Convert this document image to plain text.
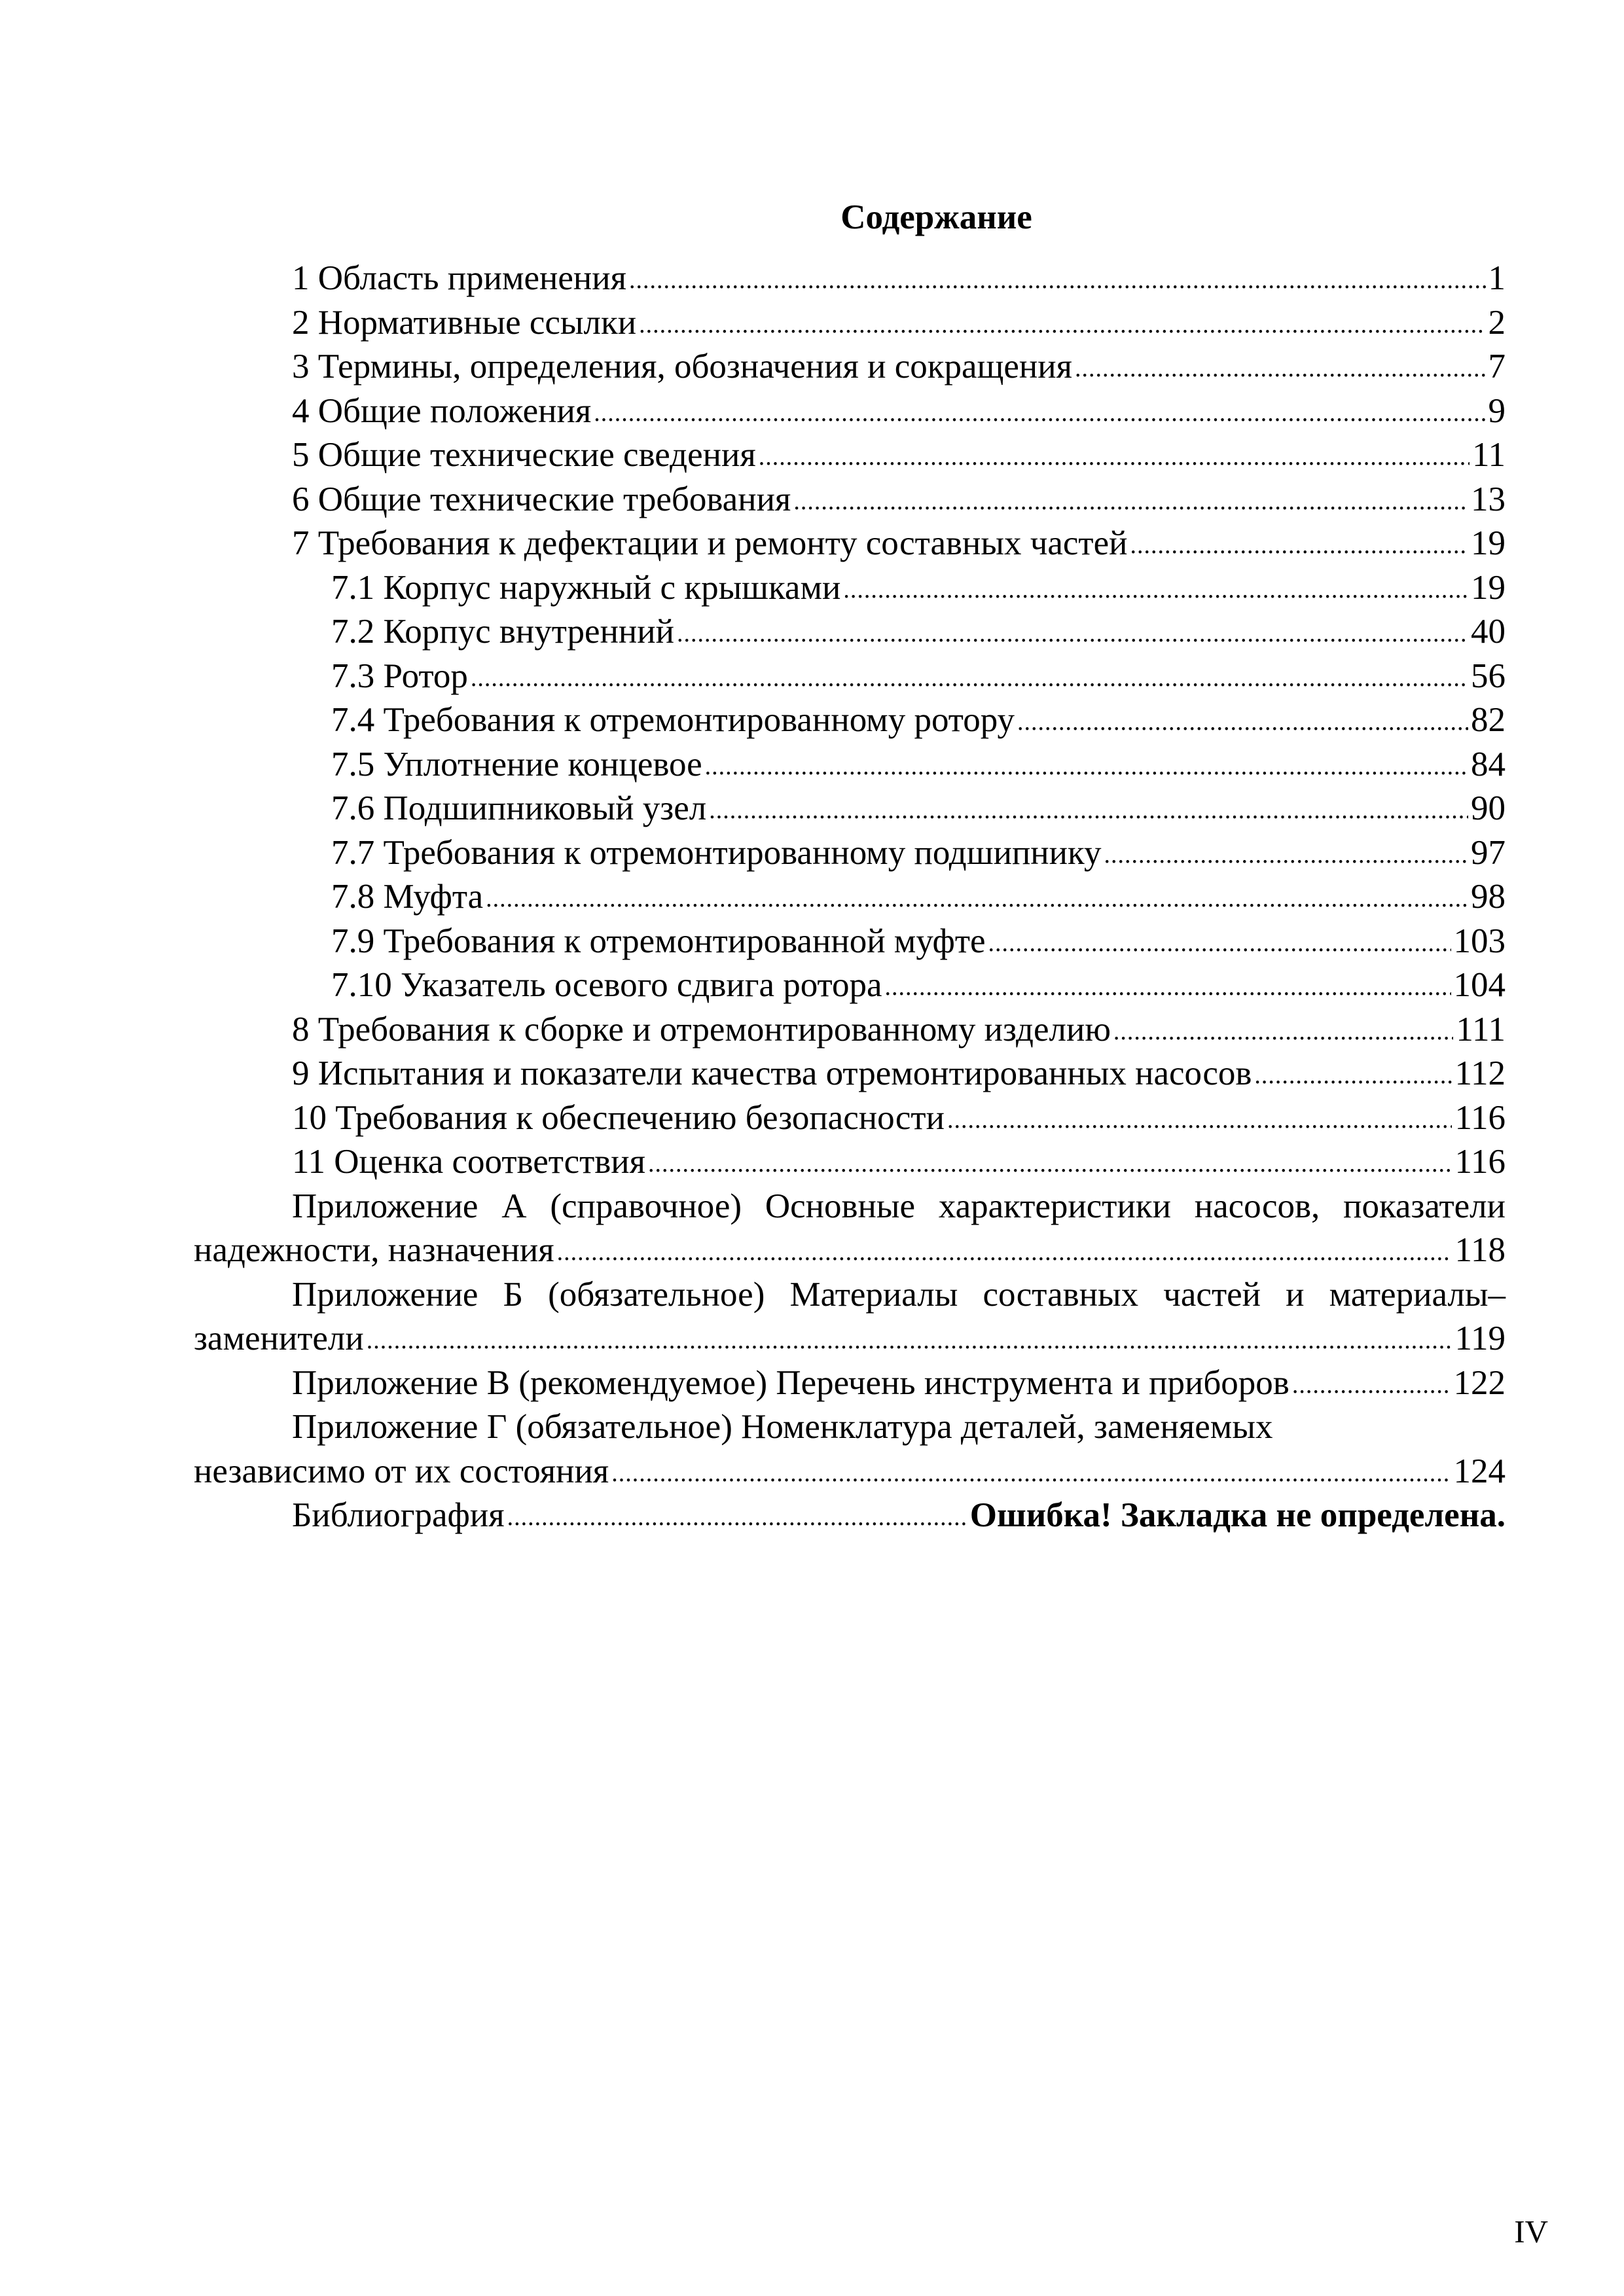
Содержание
1 Область применения .....	1
2 Нормативные ссылки .....	2
3 Термины, определения, обозначения и сокращения .....	7
4 Общие положения .....	9
5 Общие технические сведения .....	11
6 Общие технические требования .....	13
7 Требования к дефектации и ремонту составных частей .....	19
7.1 Корпус наружный с крышками .....	19
7.2 Корпус внутренний .....	40
7.3 Ротор .....	56
7.4 Требования к отремонтированному ротору .....	82
7.5 Уплотнение концевое .....	84
7.6 Подшипниковый узел .....	90
7.7 Требования к отремонтированному подшипнику .....	97
7.8 Муфта .....	98
7.9 Требования к отремонтированной муфте .....	103
7.10 Указатель осевого сдвига ротора .....	104
8 Требования к сборке и отремонтированному изделию .....	111
9 Испытания и показатели качества отремонтированных насосов .....	112
10 Требования к обеспечению безопасности .....	116
11 Оценка соответствия .....	116
Приложение А (справочное) Основные характеристики насосов, показатели
надежности, назначения .....	118
Приложение Б (обязательное) Материалы составных частей и материалы–
заменители .....	119
Приложение В (рекомендуемое) Перечень инструмента и приборов .....	122
Приложение Г (обязательное) Номенклатура деталей, заменяемых
независимо от их состояния .....	124
Библиография .....	Ошибка! Закладка не определена.
IV
